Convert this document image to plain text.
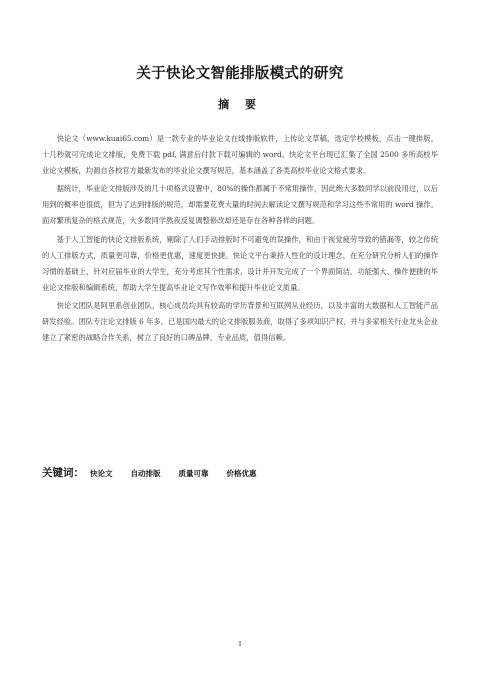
关于快论文智能排版模式的研究
摘 要

快论文（www.kuai65.com）是一款专业的毕业论文在线排版软件，上传论文草稿，选定学校模板，点击一键排版，十几秒就可完成论文排版，免费下载 pdf, 满意后付款下载可编辑的 word。快论文平台现已汇集了全国 2500 多所高校毕业论文模板，均源自各校官方最新发布的毕业论文撰写规范，基本涵盖了各类高校毕业论文格式要求。

据统计，毕业论文排版涉及的几十项格式设置中，80%的操作都属于不常用操作，因此绝大多数同学以前没用过，以后用到的概率也很低，但为了达到排版的规范，却需要花费大量的时间去解读论文撰写规范和学习这些不常用的 word 操作。面对繁琐复杂的格式规范，大多数同学熬夜反复调整修改却还是存在各种各样的问题。

基于人工智能的快论文排版系统，剔除了人们手动排版时不可避免的误操作，和由于视觉疲劳导致的错漏等，较之传统的人工排版方式，质量更可靠，价格更优惠，速度更快捷。快论文平台秉持人性化的设计理念，在充分研究分析人们的操作习惯的基础上，针对应届毕业的大学生，充分考虑其个性需求，设计并开发完成了一个界面简洁、功能强大、操作便捷的毕业论文排版和编辑系统，帮助大学生提高毕业论文写作效率和提升毕业论文质量。

快论文团队是阿里系创业团队，核心成员均具有较高的学历背景和互联网从业经历，以及丰富的大数据和人工智能产品研发经验。团队专注论文排版 6 年多，已是国内最大的论文排版服务商，取得了多项知识产权，并与多家相关行业龙头企业建立了紧密的战略合作关系，树立了良好的口碑品牌，专业品质，值得信赖。

关键词： 快论文 自动排版 质量可靠 价格优惠
I
